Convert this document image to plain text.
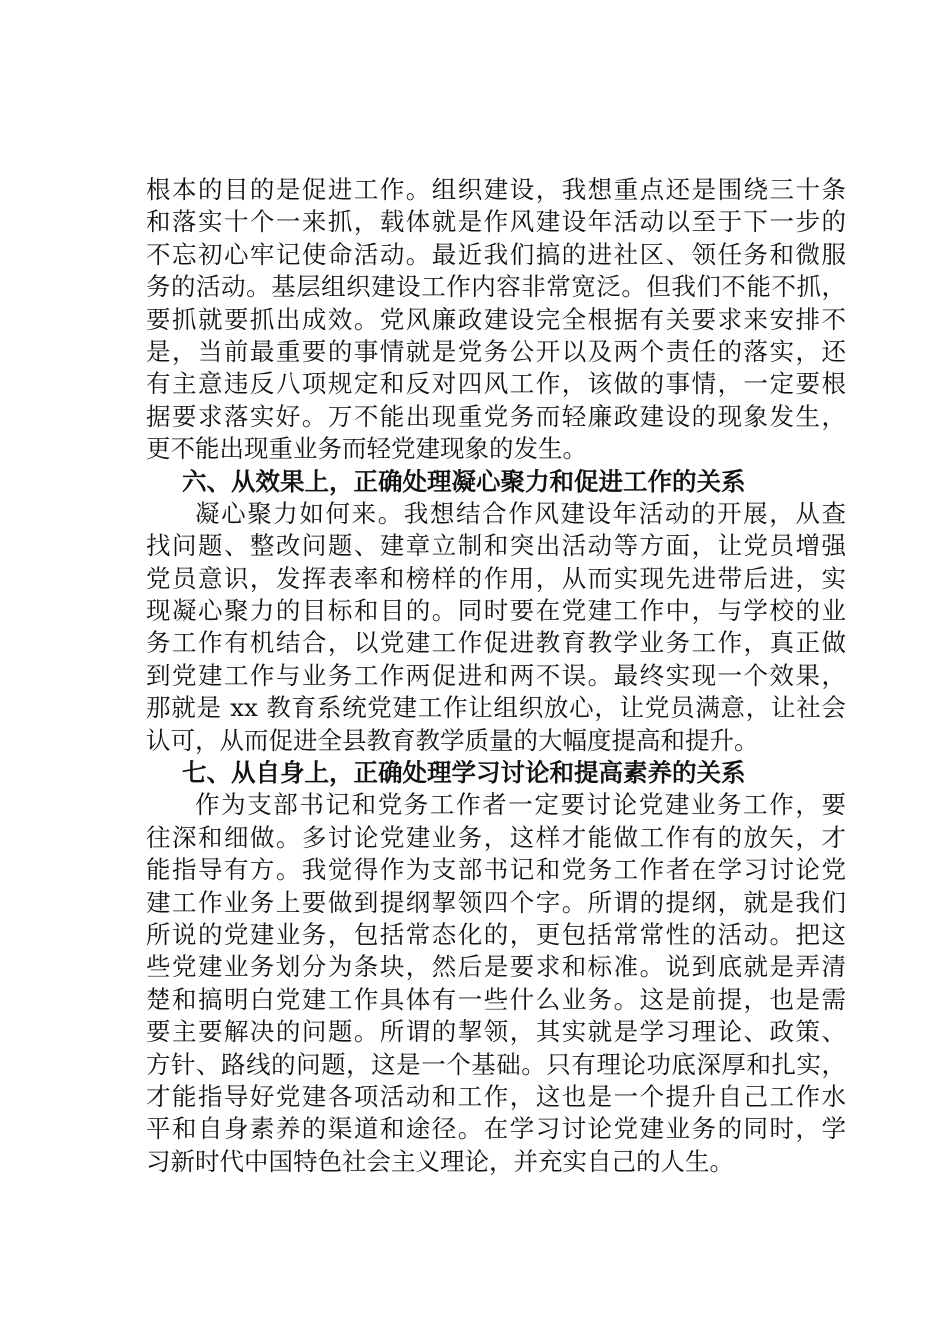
根本的目的是促进工作。组织建设，我想重点还是围绕三十条
和落实十个一来抓，载体就是作风建设年活动以至于下一步的
不忘初心牢记使命活动。最近我们搞的进社区、领任务和微服
务的活动。基层组织建设工作内容非常宽泛。但我们不能不抓，
要抓就要抓出成效。党风廉政建设完全根据有关要求来安排不
是，当前最重要的事情就是党务公开以及两个责任的落实，还
有主意违反八项规定和反对四风工作，该做的事情，一定要根
据要求落实好。万不能出现重党务而轻廉政建设的现象发生，
更不能出现重业务而轻党建现象的发生。
六、从效果上，正确处理凝心聚力和促进工作的关系
凝心聚力如何来。我想结合作风建设年活动的开展，从查
找问题、整改问题、建章立制和突出活动等方面，让党员增强
党员意识，发挥表率和榜样的作用，从而实现先进带后进，实
现凝心聚力的目标和目的。同时要在党建工作中，与学校的业
务工作有机结合，以党建工作促进教育教学业务工作，真正做
到党建工作与业务工作两促进和两不误。最终实现一个效果，
那就是 xx 教育系统党建工作让组织放心，让党员满意，让社会
认可，从而促进全县教育教学质量的大幅度提高和提升。
七、从自身上，正确处理学习讨论和提高素养的关系
作为支部书记和党务工作者一定要讨论党建业务工作，要
往深和细做。多讨论党建业务，这样才能做工作有的放矢，才
能指导有方。我觉得作为支部书记和党务工作者在学习讨论党
建工作业务上要做到提纲挈领四个字。所谓的提纲，就是我们
所说的党建业务，包括常态化的，更包括常常性的活动。把这
些党建业务划分为条块，然后是要求和标准。说到底就是弄清
楚和搞明白党建工作具体有一些什么业务。这是前提，也是需
要主要解决的问题。所谓的挈领，其实就是学习理论、政策、
方针、路线的问题，这是一个基础。只有理论功底深厚和扎实，
才能指导好党建各项活动和工作，这也是一个提升自己工作水
平和自身素养的渠道和途径。在学习讨论党建业务的同时，学
习新时代中国特色社会主义理论，并充实自己的人生。
